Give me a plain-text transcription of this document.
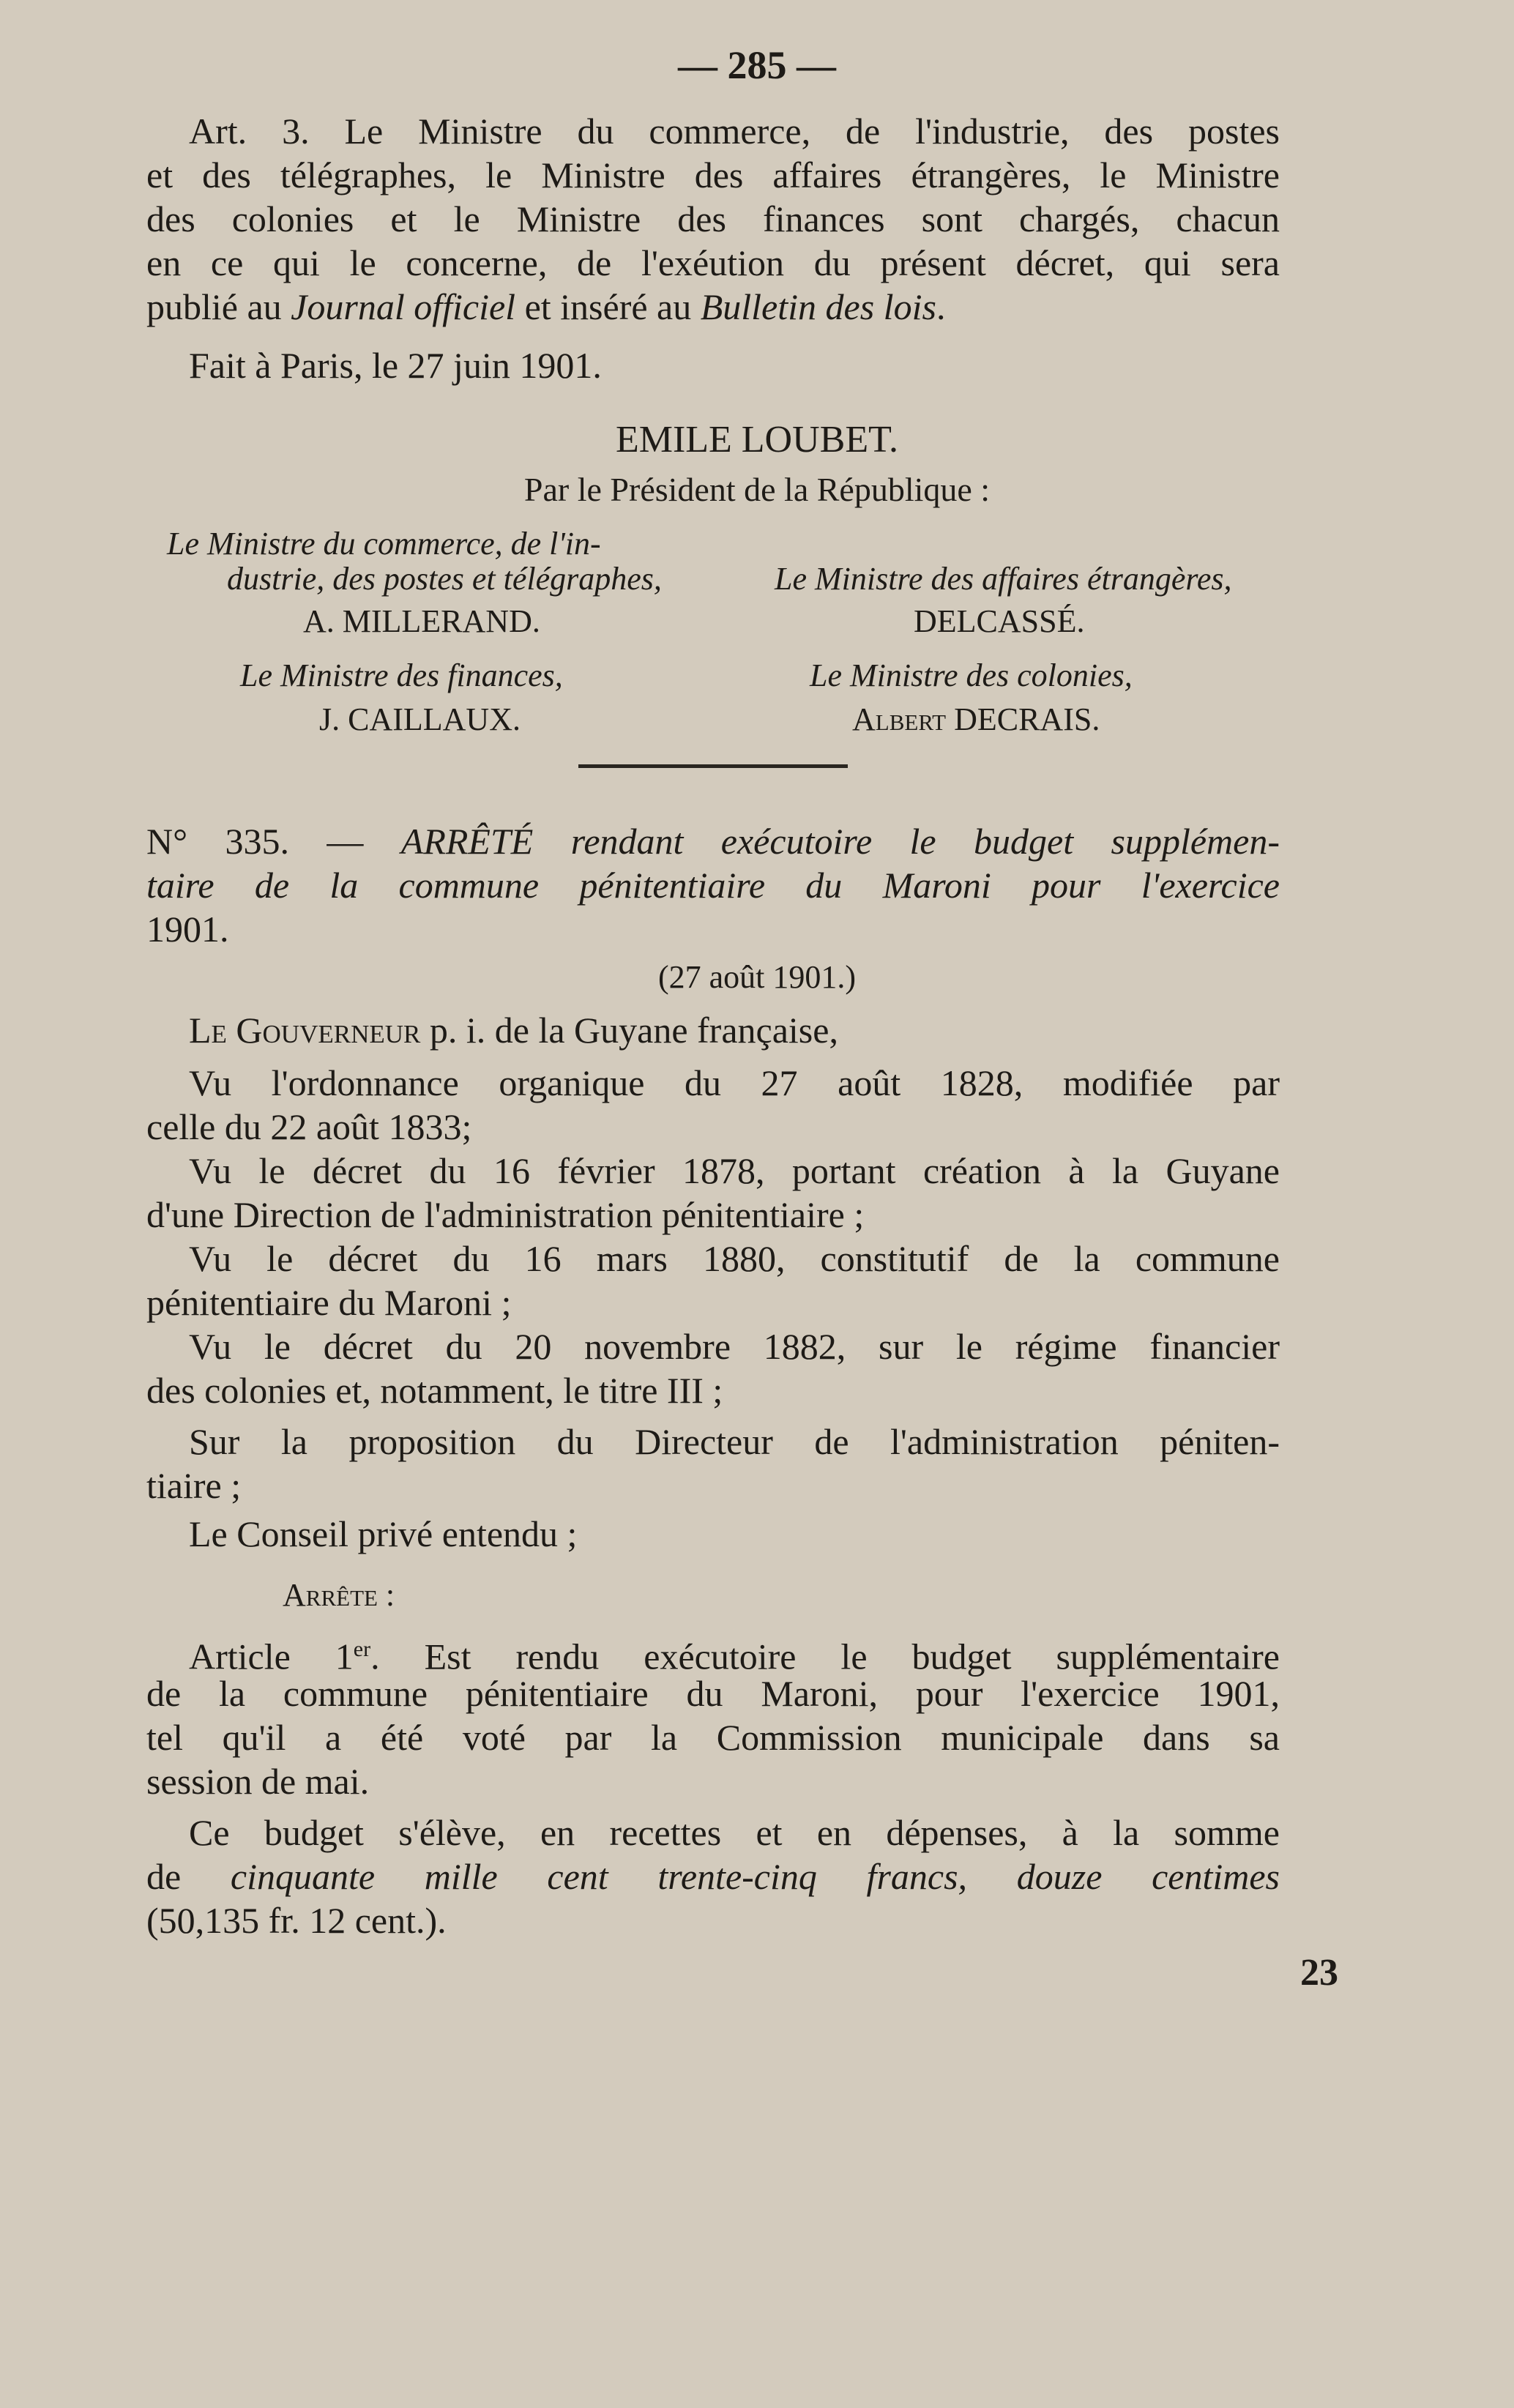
— 285 —
Art. 3. Le Ministre du commerce, de l'industrie, des postes
et des télégraphes, le Ministre des affaires étrangères, le Ministre
des colonies et le Ministre des finances sont chargés, chacun
en ce qui le concerne, de l'exéution du présent décret, qui sera
publié au Journal officiel et inséré au Bulletin des lois.
Fait à Paris, le 27 juin 1901.
EMILE LOUBET.
Par le Président de la République :
Le Ministre du commerce, de l'in-
dustrie, des postes et télégraphes,	Le Ministre des affaires étrangères,
A. MILLERAND.	DELCASSÉ.
Le Ministre des finances,	Le Ministre des colonies,
J. CAILLAUX.	Albert DECRAIS.
N° 335. — ARRÊTÉ rendant exécutoire le budget supplémen-
taire de la commune pénitentiaire du Maroni pour l'exercice
1901.
(27 août 1901.)
Le Gouverneur p. i. de la Guyane française,
Vu l'ordonnance organique du 27 août 1828, modifiée par
celle du 22 août 1833;
Vu le décret du 16 février 1878, portant création à la Guyane
d'une Direction de l'administration pénitentiaire ;
Vu le décret du 16 mars 1880, constitutif de la commune
pénitentiaire du Maroni ;
Vu le décret du 20 novembre 1882, sur le régime financier
des colonies et, notamment, le titre III ;
Sur la proposition du Directeur de l'administration péniten-
tiaire ;
Le Conseil privé entendu ;
Arrête :
Article 1er. Est rendu exécutoire le budget supplémentaire
de la commune pénitentiaire du Maroni, pour l'exercice 1901,
tel qu'il a été voté par la Commission municipale dans sa
session de mai.
Ce budget s'élève, en recettes et en dépenses, à la somme
de cinquante mille cent trente-cinq francs, douze centimes
(50,135 fr. 12 cent.).
23
